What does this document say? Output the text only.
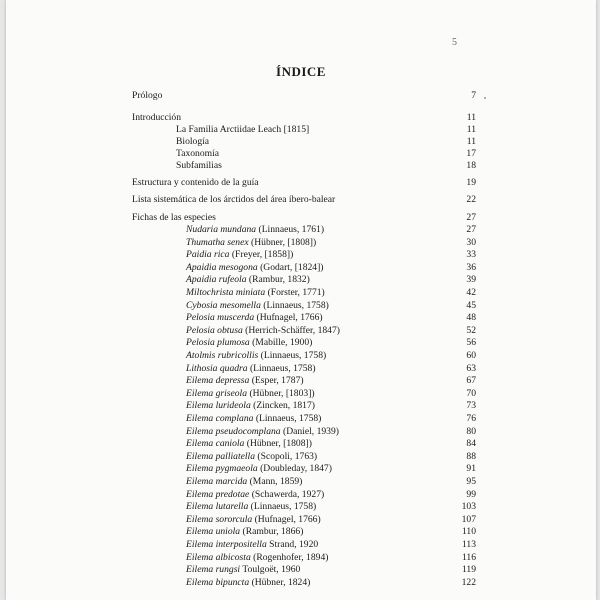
5
ÍNDICE
Prólogo	7
Introducción	11
La Familia Arctiidae Leach [1815]	11
Biología	11
Taxonomía	17
Subfamilias	18
Estructura y contenido de la guía	19
Lista sistemática de los árctidos del área íbero-balear	22
Fichas de las especies	27
Nudaria mundana (Linnaeus, 1761)	27
Thumatha senex (Hübner, [1808])	30
Paidia rica (Freyer, [1858])	33
Apaidia mesogona (Godart, [1824])	36
Apaidia rufeola (Rambur, 1832)	39
Miltochrista miniata (Forster, 1771)	42
Cybosia mesomella (Linnaeus, 1758)	45
Pelosia muscerda (Hufnagel, 1766)	48
Pelosia obtusa (Herrich-Schäffer, 1847)	52
Pelosia plumosa (Mabille, 1900)	56
Atolmis rubricollis (Linnaeus, 1758)	60
Lithosia quadra (Linnaeus, 1758)	63
Eilema depressa (Esper, 1787)	67
Eilema griseola (Hübner, [1803])	70
Eilema lurideola (Zincken, 1817)	73
Eilema complana (Linnaeus, 1758)	76
Eilema pseudocomplana (Daniel, 1939)	80
Eilema caniola (Hübner, [1808])	84
Eilema palliatella (Scopoli, 1763)	88
Eilema pygmaeola (Doubleday, 1847)	91
Eilema marcida (Mann, 1859)	95
Eilema predotae (Schawerda, 1927)	99
Eilema lutarella (Linnaeus, 1758)	103
Eilema sororcula (Hufnagel, 1766)	107
Eilema uniola (Rambur, 1866)	110
Eilema interpositella Strand, 1920	113
Eilema albicosta (Rogenhofer, 1894)	116
Eilema rungsi Toulgoët, 1960	119
Eilema bipuncta (Hübner, 1824)	122
